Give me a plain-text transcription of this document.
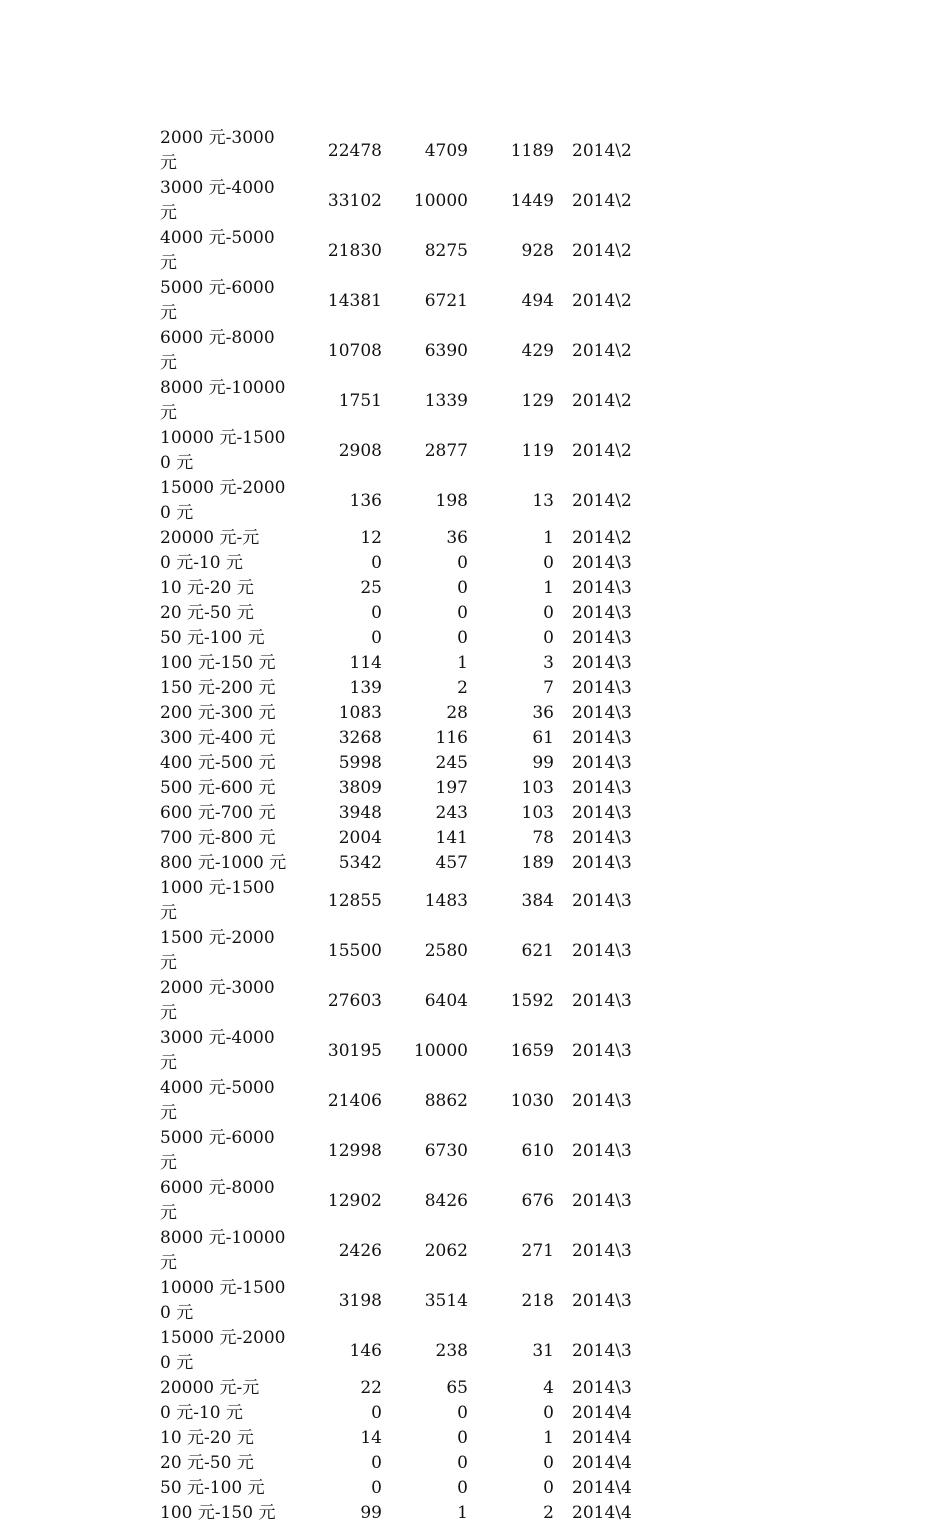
2000 元-3000 元	22478	4709	1189	2014\2
3000 元-4000 元	33102	10000	1449	2014\2
4000 元-5000 元	21830	8275	928	2014\2
5000 元-6000 元	14381	6721	494	2014\2
6000 元-8000 元	10708	6390	429	2014\2
8000 元-10000 元	1751	1339	129	2014\2
10000 元-15000 元	2908	2877	119	2014\2
15000 元-20000 元	136	198	13	2014\2
20000 元-元	12	36	1	2014\2
0 元-10 元	0	0	0	2014\3
10 元-20 元	25	0	1	2014\3
20 元-50 元	0	0	0	2014\3
50 元-100 元	0	0	0	2014\3
100 元-150 元	114	1	3	2014\3
150 元-200 元	139	2	7	2014\3
200 元-300 元	1083	28	36	2014\3
300 元-400 元	3268	116	61	2014\3
400 元-500 元	5998	245	99	2014\3
500 元-600 元	3809	197	103	2014\3
600 元-700 元	3948	243	103	2014\3
700 元-800 元	2004	141	78	2014\3
800 元-1000 元	5342	457	189	2014\3
1000 元-1500 元	12855	1483	384	2014\3
1500 元-2000 元	15500	2580	621	2014\3
2000 元-3000 元	27603	6404	1592	2014\3
3000 元-4000 元	30195	10000	1659	2014\3
4000 元-5000 元	21406	8862	1030	2014\3
5000 元-6000 元	12998	6730	610	2014\3
6000 元-8000 元	12902	8426	676	2014\3
8000 元-10000 元	2426	2062	271	2014\3
10000 元-15000 元	3198	3514	218	2014\3
15000 元-20000 元	146	238	31	2014\3
20000 元-元	22	65	4	2014\3
0 元-10 元	0	0	0	2014\4
10 元-20 元	14	0	1	2014\4
20 元-50 元	0	0	0	2014\4
50 元-100 元	0	0	0	2014\4
100 元-150 元	99	1	2	2014\4
